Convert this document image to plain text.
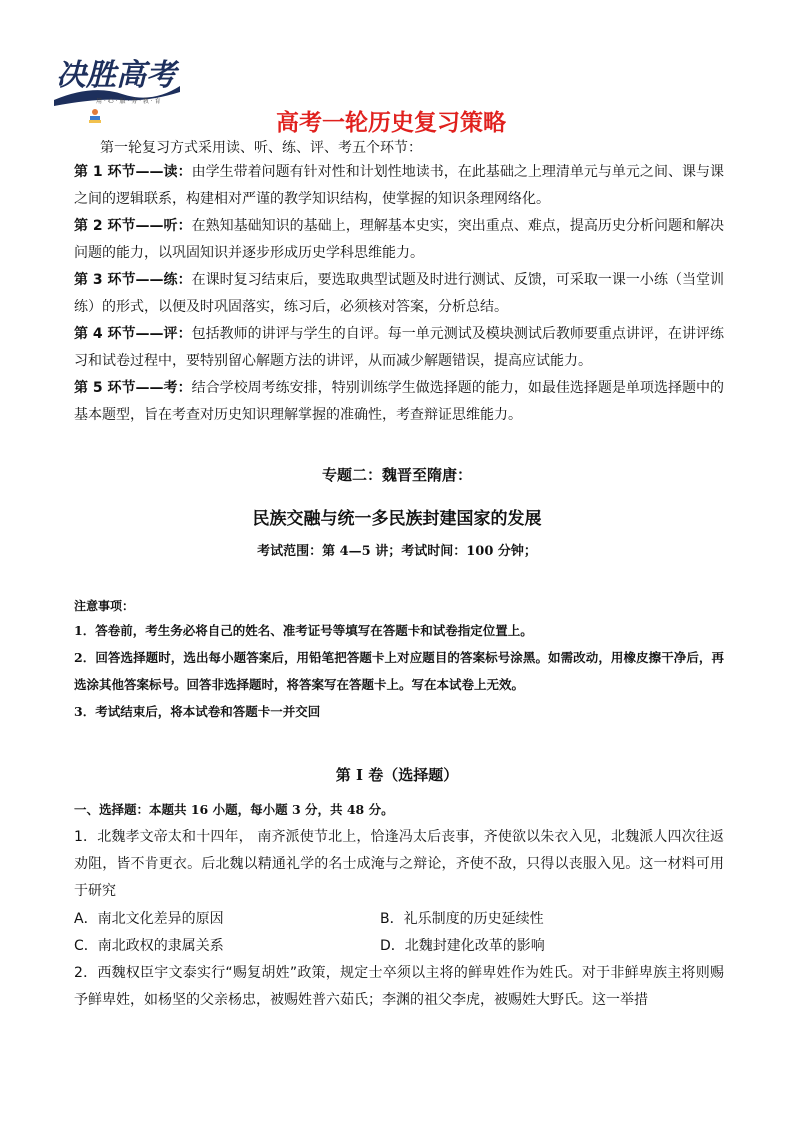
决胜高考
用 · 心 · 服 · 务 · 教 · 育
高考一轮历史复习策略
第一轮复习方式采用读、听、练、评、考五个环节：
第 1 环节——读：由学生带着问题有针对性和计划性地读书，在此基础之上理清单元与单元之间、课与课之间的逻辑联系，构建相对严谨的教学知识结构，使掌握的知识条理网络化。
第 2 环节——听：在熟知基础知识的基础上，理解基本史实，突出重点、难点，提高历史分析问题和解决问题的能力，以巩固知识并逐步形成历史学科思维能力。
第 3 环节——练：在课时复习结束后，要选取典型试题及时进行测试、反馈，可采取一课一小练（当堂训练）的形式，以便及时巩固落实，练习后，必须核对答案，分析总结。
第 4 环节——评：包括教师的讲评与学生的自评。每一单元测试及模块测试后教师要重点讲评，在讲评练习和试卷过程中，要特别留心解题方法的讲评，从而减少解题错误，提高应试能力。
第 5 环节——考：结合学校周考练安排，特别训练学生做选择题的能力，如最佳选择题是单项选择题中的基本题型，旨在考查对历史知识理解掌握的准确性，考查辩证思维能力。
专题二：魏晋至隋唐：
民族交融与统一多民族封建国家的发展
考试范围：第 4—5 讲；考试时间：100 分钟；
注意事项：
1．答卷前，考生务必将自己的姓名、准考证号等填写在答题卡和试卷指定位置上。
2．回答选择题时，选出每小题答案后，用铅笔把答题卡上对应题目的答案标号涂黑。如需改动，用橡皮擦干净后，再选涂其他答案标号。回答非选择题时，将答案写在答题卡上。写在本试卷上无效。
3．考试结束后，将本试卷和答题卡一并交回
第 I 卷（选择题）
一、选择题：本题共 16 小题，每小题 3 分，共 48 分。
1．北魏孝文帝太和十四年， 南齐派使节北上，恰逢冯太后丧事，齐使欲以朱衣入见，北魏派人四次往返劝阻，皆不肯更衣。后北魏以精通礼学的名士成淹与之辩论，齐使不敌，只得以丧服入见。这一材料可用于研究
A．南北文化差异的原因	B．礼乐制度的历史延续性
C．南北政权的隶属关系	D．北魏封建化改革的影响
2．西魏权臣宇文泰实行“赐复胡姓”政策，规定士卒须以主将的鲜卑姓作为姓氏。对于非鲜卑族主将则赐予鲜卑姓，如杨坚的父亲杨忠，被赐姓普六茹氏；李渊的祖父李虎，被赐姓大野氏。这一举措
